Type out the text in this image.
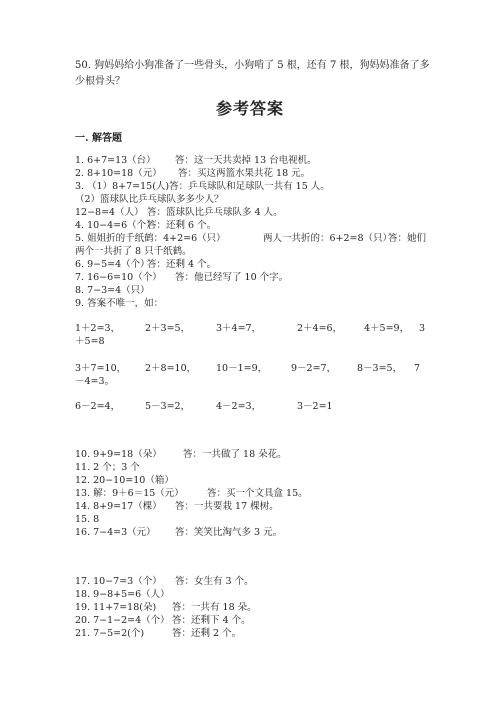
50. 狗妈妈给小狗准备了一些骨头，小狗啃了 5 根，还有 7 根，狗妈妈准备了多少根骨头？
参考答案
一. 解答题
1. 6+7=13（台） 答：这一天共卖掉 13 台电视机。
2. 8+10=18（元） 答：买这两篮水果共花 18 元。
3. （1）8+7=15(人)答：乒乓球队和足球队一共有 15 人。
（2）篮球队比乒乓球队多多少人？
12−8=4（人） 答：篮球队比乒乓球队多 4 人。
4. 10−4=6（个）
答：还剩 6 个。
5. 姐姐折的千纸鹤：4+2=6（只）	两人一共折的：6+2=8（只）
答：她们
两个一共折了 8 只千纸鹤。
6. 9−5=4（个）
答：还剩 4 个。
7. 16−6=10（个） 答：他已经写了 10 个字。
8. 7−3=4（只）
9. 答案不唯一，如：
1＋2=3，	2＋3=5，	3＋4=7，	2＋4=6， 4＋5=9， 3
＋5=8
3＋7=10， 2＋8=10， 10－1=9，	9－2=7， 8－3=5， 7
－4=3。
6－2=4，	5－3=2，	4－2=3，	3－2=1
10. 9+9=18（朵） 答：一共做了 18 朵花。
11. 2 个；3 个
12. 20−10=10（箱）
13. 解：9＋6＝15（元） 答：买一个文具盒 15。
14. 8+9=17（棵） 答：一共要栽 17 棵树。
15. 8
16. 7−4=3（元） 答：笑笑比淘气多 3 元。
17. 10−7=3（个） 答：女生有 3 个。
18. 9−8+5=6（人）
19. 11+7=18(朵) 答：一共有 18 朵。
20. 7−1−2=4（个） 答：还剩下 4 个。
21. 7−5=2(个)	答：还剩 2 个。
